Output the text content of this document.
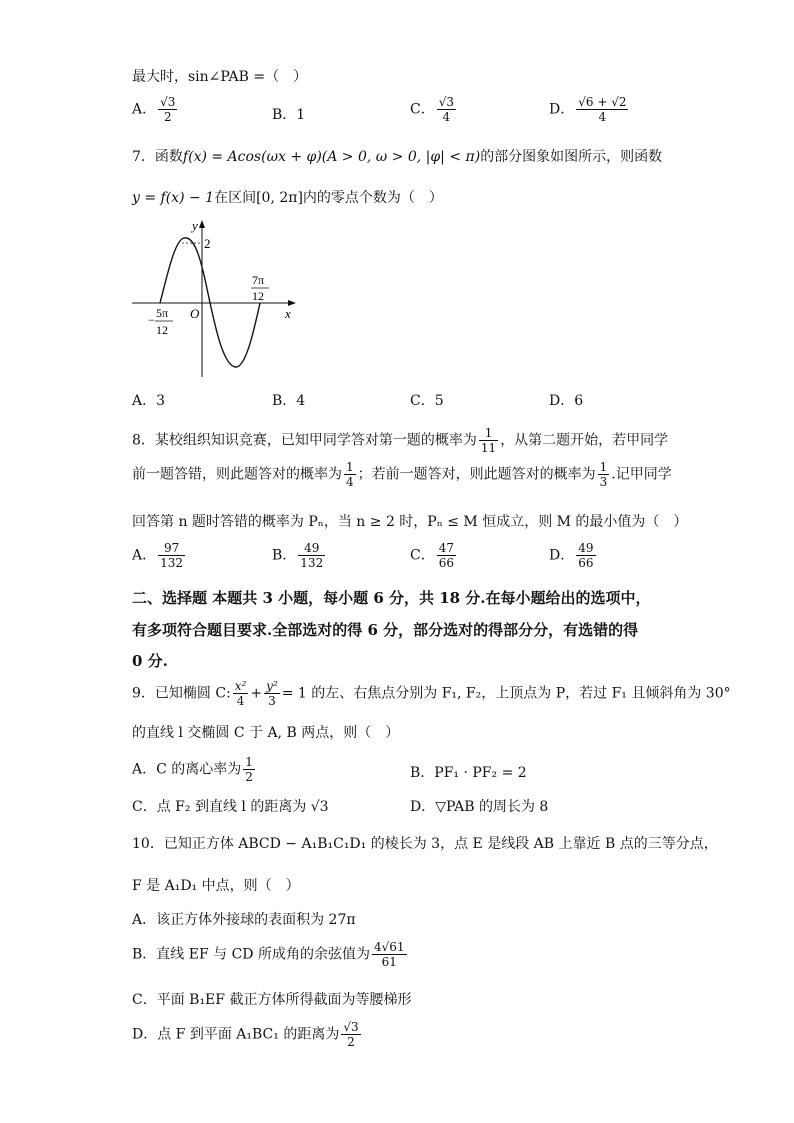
最大时，sin∠PAB =（　）
A． $\frac{√3}{2}$	B．1	C． $\frac{√3}{4}$	D． $\frac{√6 + √2}{4}$
7．函数f(x) = Acos(ωx + φ)(A > 0, ω > 0, |φ| < π)的部分图象如图所示，则函数
y = f(x) − 1在区间[0, 2π]内的零点个数为（　）
y
x
O
2
7π
12
− 5π
12
A．3	B．4	C．5	D．6
8．某校组织知识竞赛，已知甲同学答对第一题的概率为 $\frac{1}{11}$ ，从第二题开始，若甲同学
前一题答错，则此题答对的概率为 $\frac{1}{4}$ ；若前一题答对，则此题答对的概率为 $\frac{1}{3}$ .记甲同学
回答第 n 题时答错的概率为 Pₙ，当 n ≥ 2 时，Pₙ ≤ M 恒成立，则 M 的最小值为（　）
A． $\frac{97}{132}$	B． $\frac{49}{132}$	C． $\frac{47}{66}$	D． $\frac{49}{66}$
二、选择题 本题共 3 小题，每小题 6 分，共 18 分.在每小题给出的选项中，
有多项符合题目要求.全部选对的得 6 分，部分选对的得部分分，有选错的得
0 分.
9．已知椭圆 C: $\frac{\text{x²}}{4} + \frac{\text{y²}}{3} = 1$ 的左、右焦点分别为 F₁, F₂，上顶点为 P，若过 F₁ 且倾斜角为 30°
的直线 l 交椭圆 C 于 A, B 两点，则（　）
A．C 的离心率为 $\frac{1}{2}$	B．PF₁ · PF₂ = 2
C．点 F₂ 到直线 l 的距离为 √3	D．▽PAB 的周长为 8
10．已知正方体 ABCD − A₁B₁C₁D₁ 的棱长为 3，点 E 是线段 AB 上靠近 B 点的三等分点，
F 是 A₁D₁ 中点，则（　）
A．该正方体外接球的表面积为 27π
B．直线 EF 与 CD 所成角的余弦值为 $\frac{4√61}{61}$
C．平面 B₁EF 截正方体所得截面为等腰梯形
D．点 F 到平面 A₁BC₁ 的距离为 $\frac{√3}{2}$
